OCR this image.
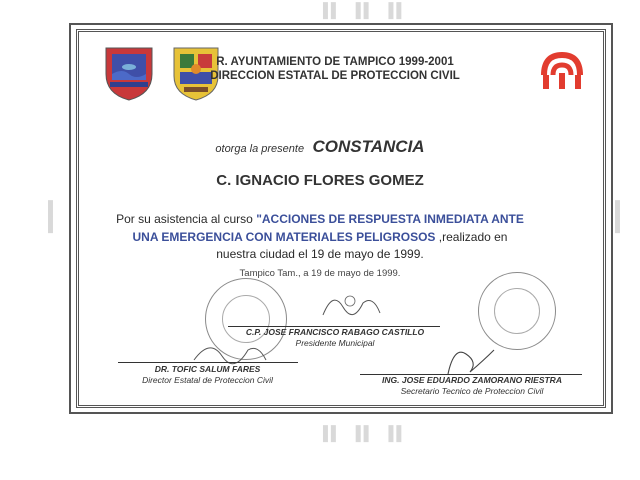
▐▌ ▐▌ ▐▌
▐▌ ▐▌ ▐▌
▌
▌
▌
▌
R. AYUNTAMIENTO DE TAMPICO 1999-2001
DIRECCION ESTATAL DE PROTECCION CIVIL
otorga la presente CONSTANCIA
C. IGNACIO FLORES GOMEZ
Por su asistencia al curso "ACCIONES DE RESPUESTA INMEDIATA ANTE
UNA EMERGENCIA CON MATERIALES PELIGROSOS ,realizado en
nuestra ciudad el 19 de mayo de 1999.
Tampico Tam., a 19 de mayo de 1999.
C.P. JOSE FRANCISCO RABAGO CASTILLO
Presidente Municipal
DR. TOFIC SALUM FARES
Director Estatal de Proteccion Civil	ING. JOSE EDUARDO ZAMORANO RIESTRA
Secretario Tecnico de Proteccion Civil
